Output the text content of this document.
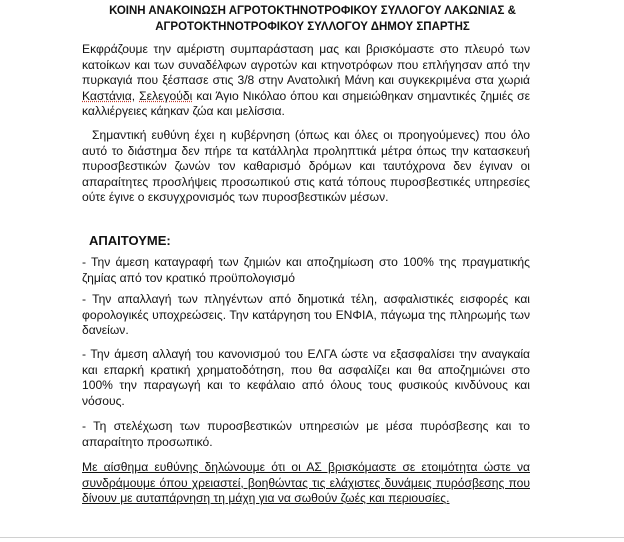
ΚΟΙΝΗ ΑΝΑΚΟΙΝΩΣΗ ΑΓΡΟΤΟΚΤΗΝΟΤΡΟΦΙΚΟΥ ΣΥΛΛΟΓΟΥ ΛΑΚΩΝΙΑΣ &

ΑΓΡΟΤΟΚΤΗΝΟΤΡΟΦΙΚΟΥ ΣΥΛΛΟΓΟΥ ΔΗΜΟΥ ΣΠΑΡΤΗΣ

Εκφράζουμε την αμέριστη συμπαράσταση μας και βρισκόμαστε στο πλευρό των κατοίκων και των συναδέλφων αγροτών και κτηνοτρόφων που επλήγησαν από την πυρκαγιά που ξέσπασε στις 3/8 στην Ανατολική Μάνη και συγκεκριμένα στα χωριά Καστάνια, Σελεγούδι και Άγιο Νικόλαο όπου και σημειώθηκαν σημαντικές ζημιές σε καλλιέργειες κάηκαν ζώα και μελίσσια.

Σημαντική ευθύνη έχει η κυβέρνηση (όπως και όλες οι προηγούμενες) που όλο αυτό το διάστημα δεν πήρε τα κατάλληλα προληπτικά μέτρα όπως την κατασκευή πυροσβεστικών ζωνών τον καθαρισμό δρόμων και ταυτόχρονα δεν έγιναν οι απαραίτητες προσλήψεις προσωπικού στις κατά τόπους πυροσβεστικές υπηρεσίες ούτε έγινε ο εκσυγχρονισμός των πυροσβεστικών μέσων.

ΑΠΑΙΤΟΥΜΕ:

- Την άμεση καταγραφή των ζημιών και αποζημίωση στο 100% της πραγματικής ζημίας από τον κρατικό προϋπολογισμό

- Την απαλλαγή των πληγέντων από δημοτικά τέλη, ασφαλιστικές εισφορές και φορολογικές υποχρεώσεις. Την κατάργηση του ΕΝΦΙΑ, πάγωμα της πληρωμής των δανείων.

- Την άμεση αλλαγή του κανονισμού του ΕΛΓΑ ώστε να εξασφαλίσει την αναγκαία και επαρκή κρατική χρηματοδότηση, που θα ασφαλίζει και θα αποζημιώνει στο 100% την παραγωγή και το κεφάλαιο από όλους τους φυσικούς κινδύνους και νόσους.

- Τη στελέχωση των πυροσβεστικών υπηρεσιών με μέσα πυρόσβεσης και το απαραίτητο προσωπικό.

Με αίσθημα ευθύνης δηλώνουμε ότι οι ΑΣ βρισκόμαστε σε ετοιμότητα ώστε να συνδράμουμε όπου χρειαστεί, βοηθώντας τις ελάχιστες δυνάμεις πυρόσβεσης που δίνουν με αυταπάρνηση τη μάχη για να σωθούν ζωές και περιουσίες.
